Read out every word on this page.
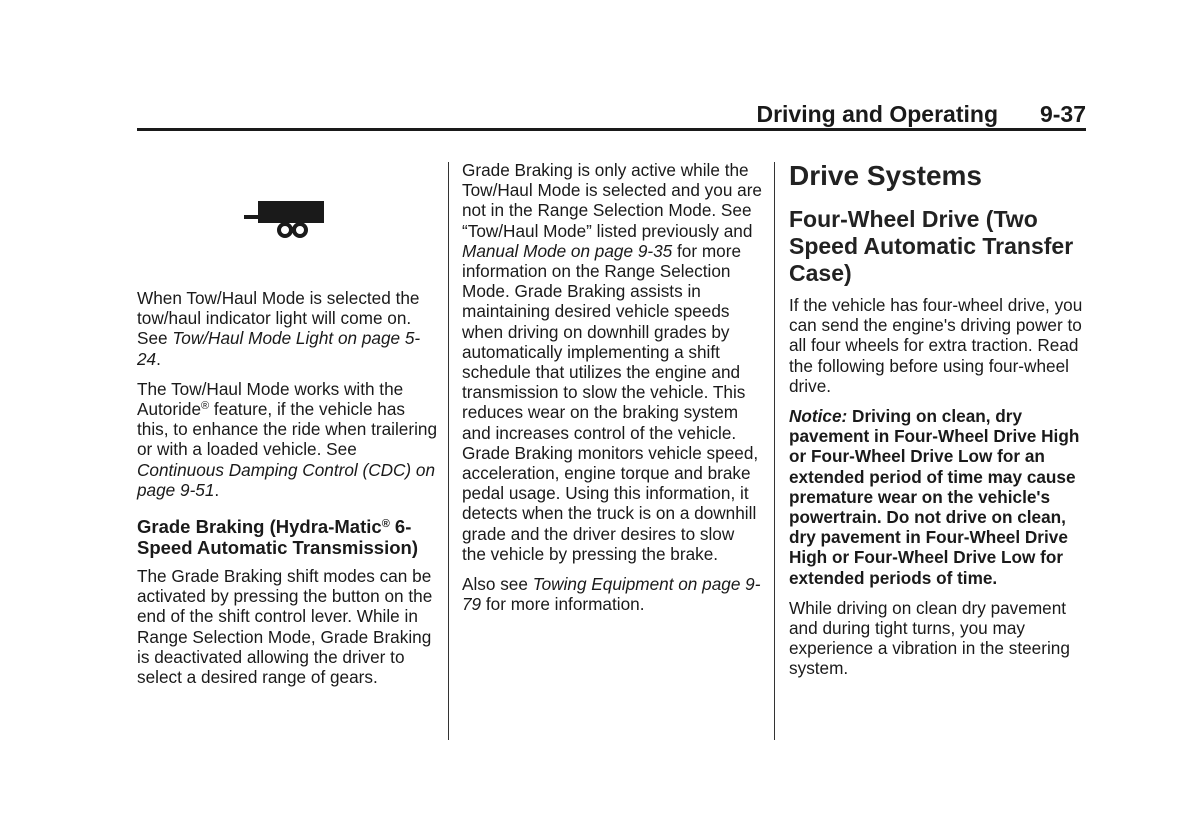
Driving and Operating 9-37

When Tow/Haul Mode is selected the tow/haul indicator light will come on. See Tow/Haul Mode Light on page 5-24.

The Tow/Haul Mode works with the Autoride® feature, if the vehicle has this, to enhance the ride when trailering or with a loaded vehicle. See Continuous Damping Control (CDC) on page 9-51.

Grade Braking (Hydra-Matic® 6-Speed Automatic Transmission)

The Grade Braking shift modes can be activated by pressing the button on the end of the shift control lever. While in Range Selection Mode, Grade Braking is deactivated allowing the driver to select a desired range of gears.

Grade Braking is only active while the Tow/Haul Mode is selected and you are not in the Range Selection Mode. See “Tow/Haul Mode” listed previously and Manual Mode on page 9-35 for more information on the Range Selection Mode. Grade Braking assists in maintaining desired vehicle speeds when driving on downhill grades by automatically implementing a shift schedule that utilizes the engine and transmission to slow the vehicle. This reduces wear on the braking system and increases control of the vehicle. Grade Braking monitors vehicle speed, acceleration, engine torque and brake pedal usage. Using this information, it detects when the truck is on a downhill grade and the driver desires to slow the vehicle by pressing the brake.

Also see Towing Equipment on page 9-79 for more information.

Drive Systems
Four-Wheel Drive (Two Speed Automatic Transfer Case)

If the vehicle has four-wheel drive, you can send the engine's driving power to all four wheels for extra traction. Read the following before using four-wheel drive.

Notice: Driving on clean, dry pavement in Four-Wheel Drive High or Four-Wheel Drive Low for an extended period of time may cause premature wear on the vehicle's powertrain. Do not drive on clean, dry pavement in Four-Wheel Drive High or Four-Wheel Drive Low for extended periods of time.

While driving on clean dry pavement and during tight turns, you may experience a vibration in the steering system.
